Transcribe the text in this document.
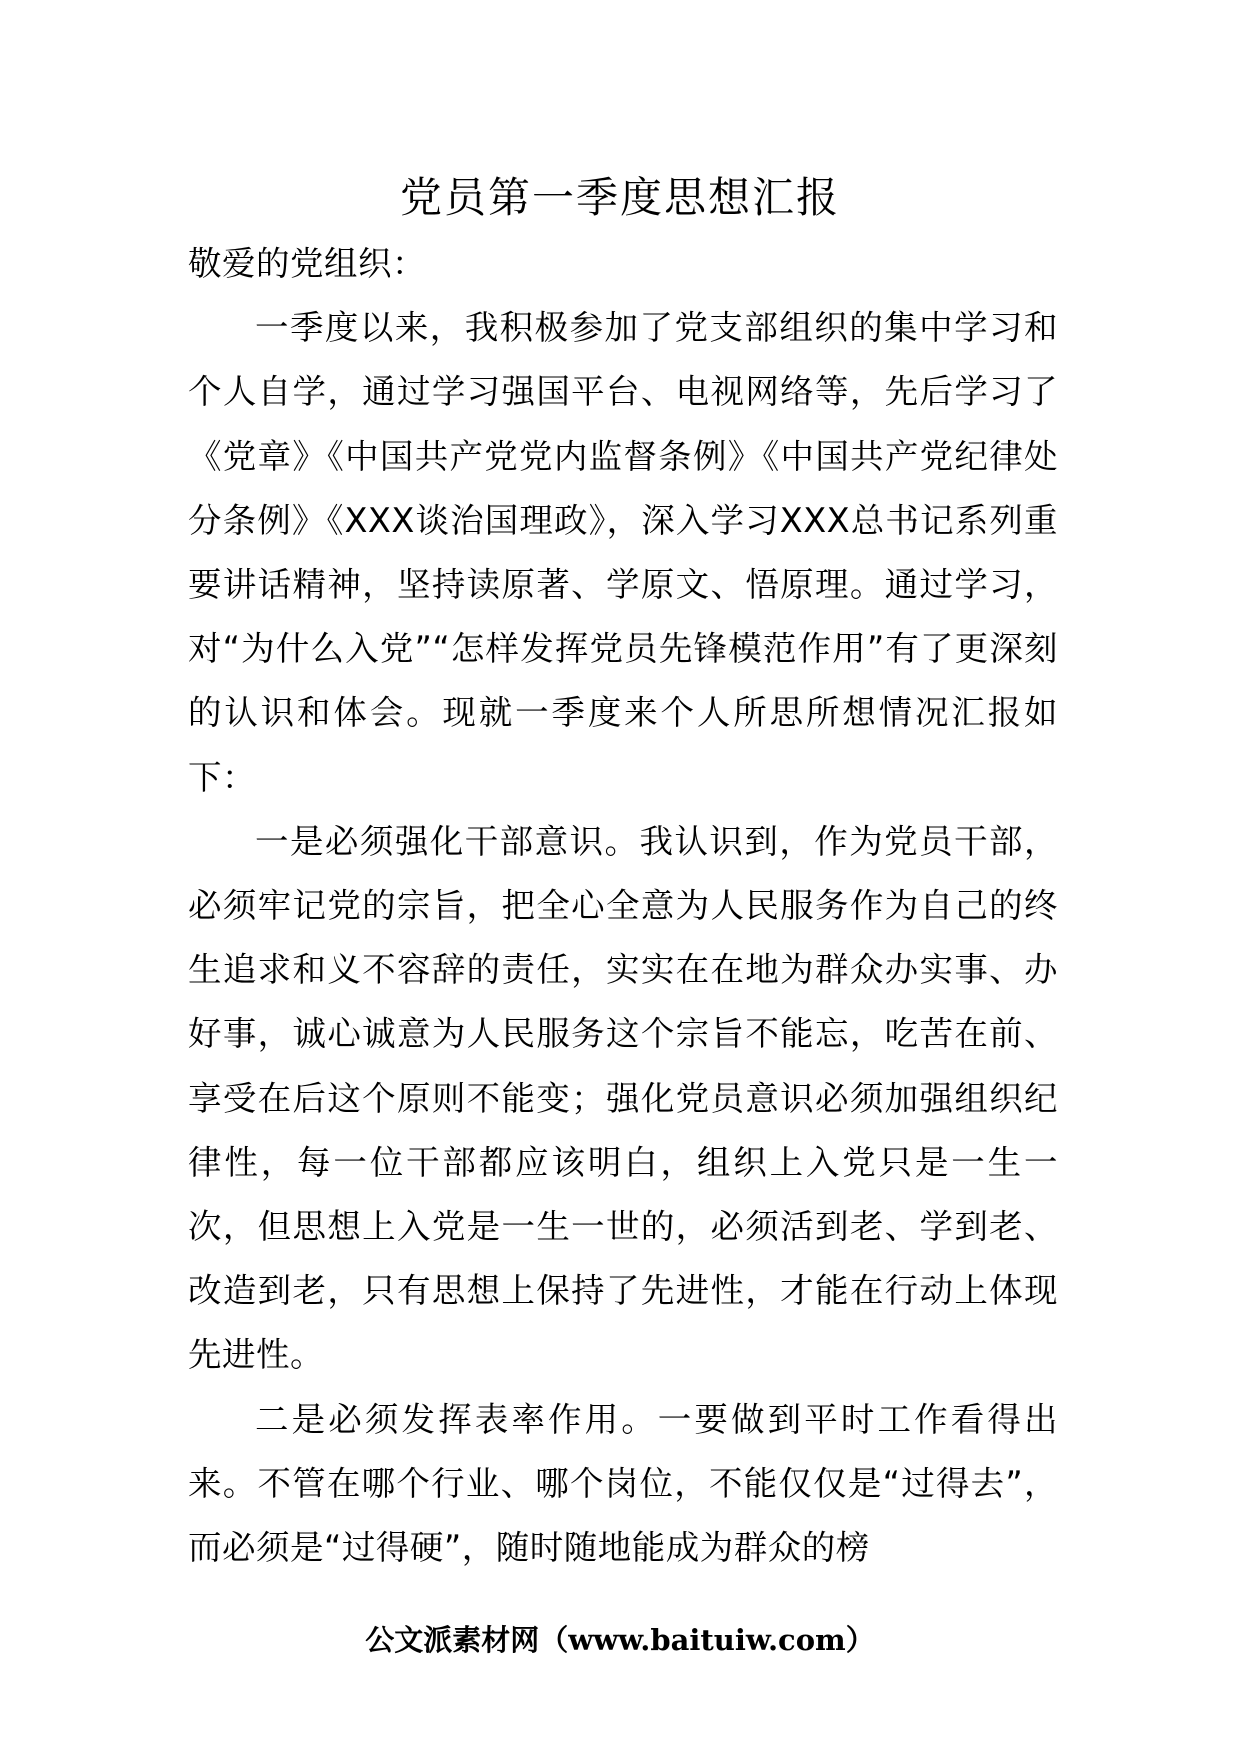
党员第一季度思想汇报

敬爱的党组织：

一季度以来，我积极参加了党支部组织的集中学习和个人自学，通过学习强国平台、电视网络等，先后学习了《党章》《中国共产党党内监督条例》《中国共产党纪律处分条例》《XXX谈治国理政》，深入学习XXX总书记系列重要讲话精神，坚持读原著、学原文、悟原理。通过学习，对“为什么入党”“怎样发挥党员先锋模范作用”有了更深刻的认识和体会。现就一季度来个人所思所想情况汇报如下：

一是必须强化干部意识。我认识到，作为党员干部，必须牢记党的宗旨，把全心全意为人民服务作为自己的终生追求和义不容辞的责任，实实在在地为群众办实事、办好事，诚心诚意为人民服务这个宗旨不能忘，吃苦在前、享受在后这个原则不能变；强化党员意识必须加强组织纪律性，每一位干部都应该明白，组织上入党只是一生一次，但思想上入党是一生一世的，必须活到老、学到老、改造到老，只有思想上保持了先进性，才能在行动上体现先进性。

二是必须发挥表率作用。一要做到平时工作看得出来。不管在哪个行业、哪个岗位，不能仅仅是“过得去”，而必须是“过得硬”，随时随地能成为群众的榜

公文派素材网（www.baituiw.com）
